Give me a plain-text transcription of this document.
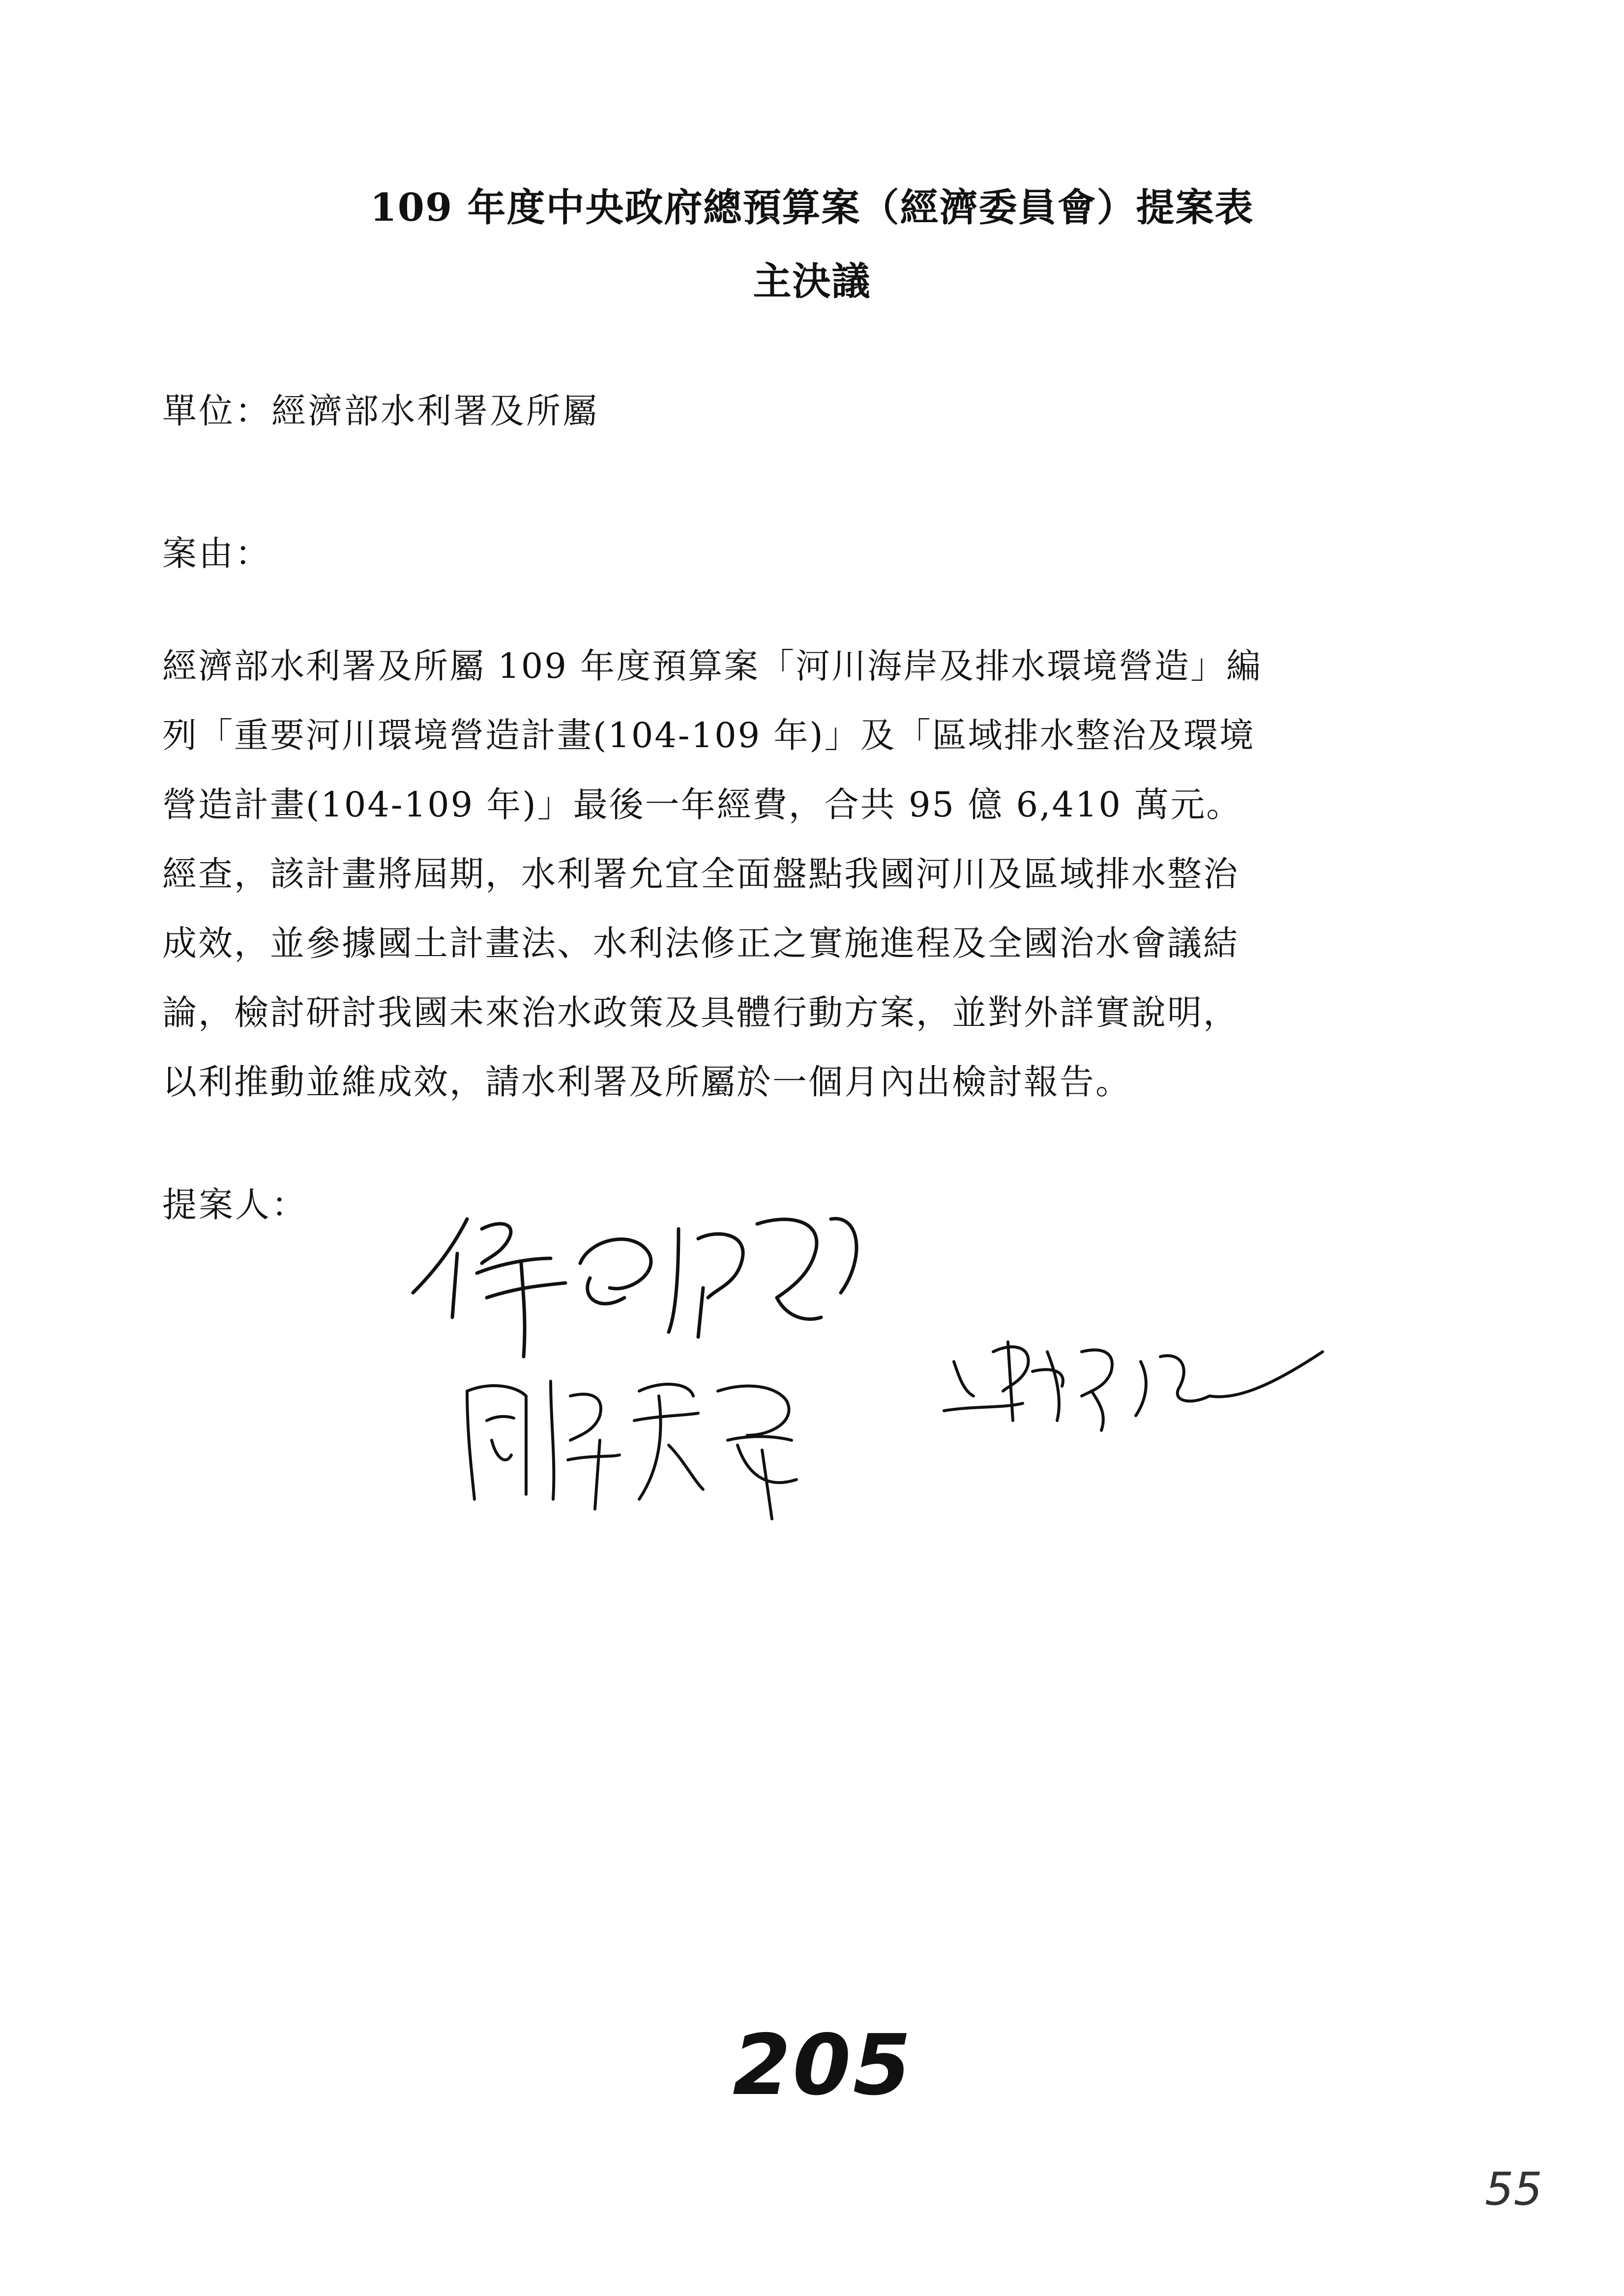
109 年度中央政府總預算案（經濟委員會）提案表
主決議
單位：經濟部水利署及所屬
案由：

經濟部水利署及所屬 109 年度預算案「河川海岸及排水環境營造」編

列「重要河川環境營造計畫(104-109 年)」及「區域排水整治及環境

營造計畫(104-109 年)」最後一年經費，合共 95 億 6,410 萬元。

經查，該計畫將屆期，水利署允宜全面盤點我國河川及區域排水整治

成效，並參據國土計畫法、水利法修正之實施進程及全國治水會議結

論，檢討研討我國未來治水政策及具體行動方案，並對外詳實說明，

以利推動並維成效，請水利署及所屬於一個月內出檢討報告。

提案人：
205
55
